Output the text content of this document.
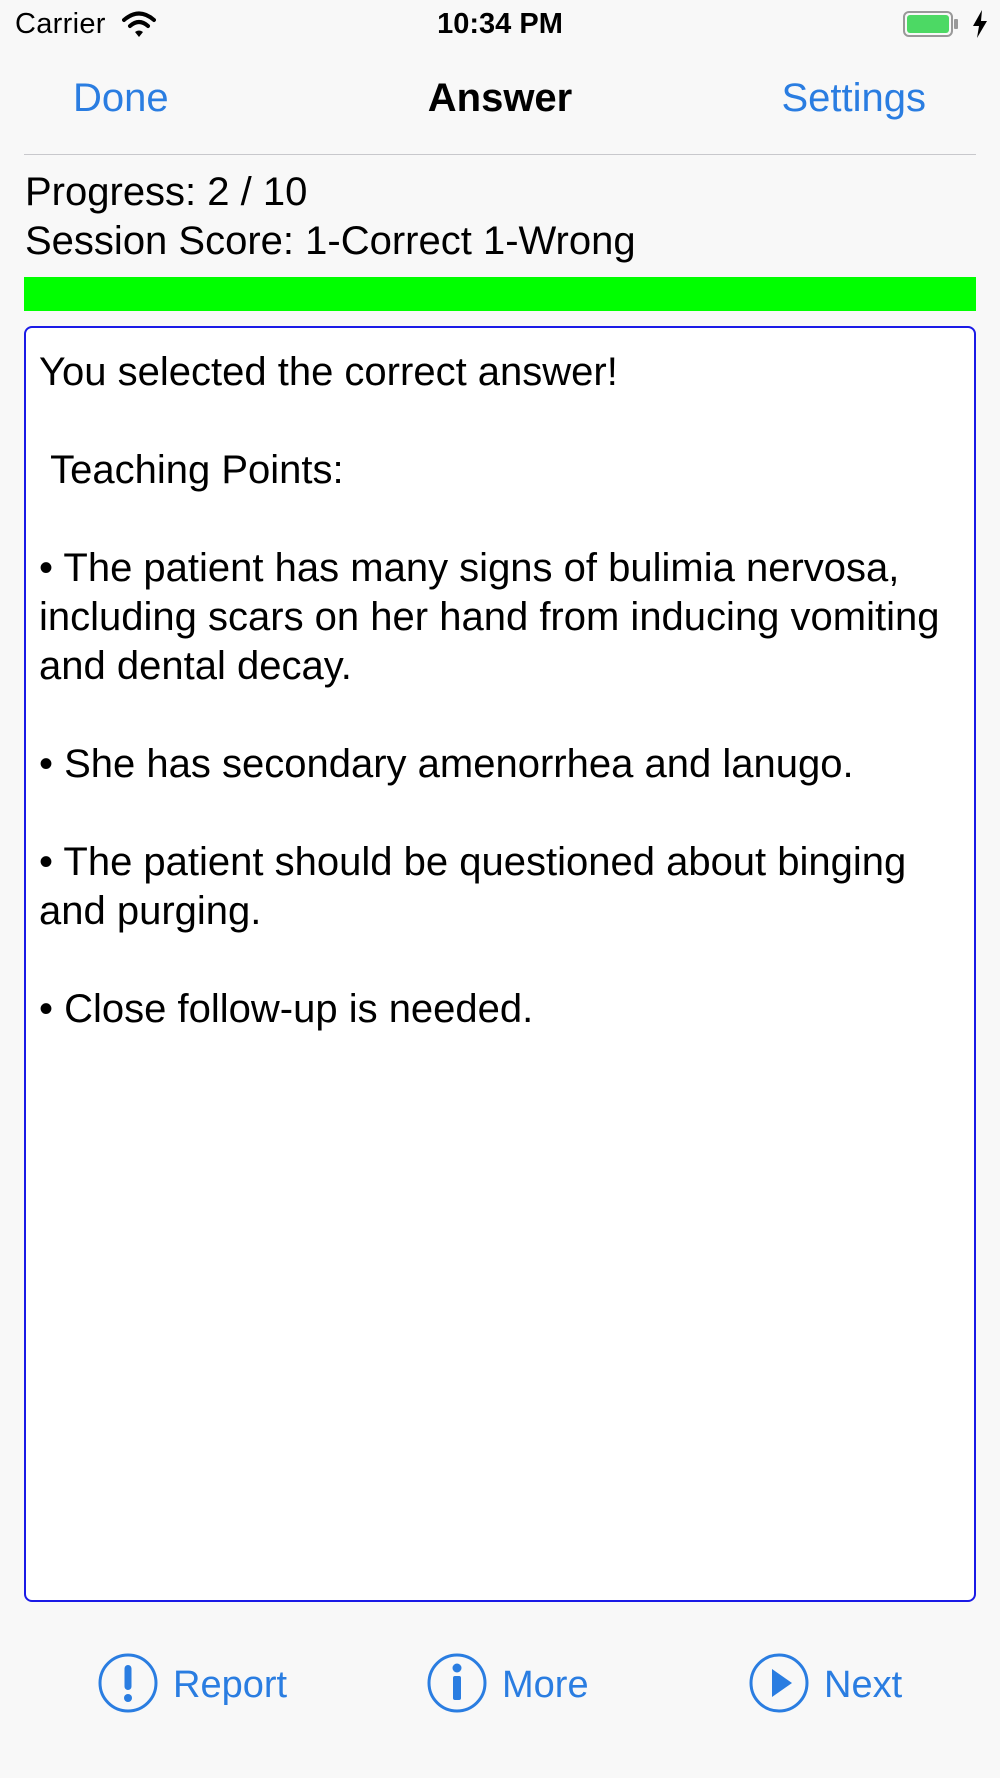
Carrier	10:34 PM
Done	Answer	Settings
Progress: 2 / 10
Session Score: 1-Correct 1-Wrong
You selected the correct answer!

Teaching Points:

• The patient has many signs of bulimia nervosa, including scars on her hand from inducing vomiting and dental decay.

• She has secondary amenorrhea and lanugo.

• The patient should be questioned about binging and purging.

• Close follow-up is needed.
Report	More	Next
